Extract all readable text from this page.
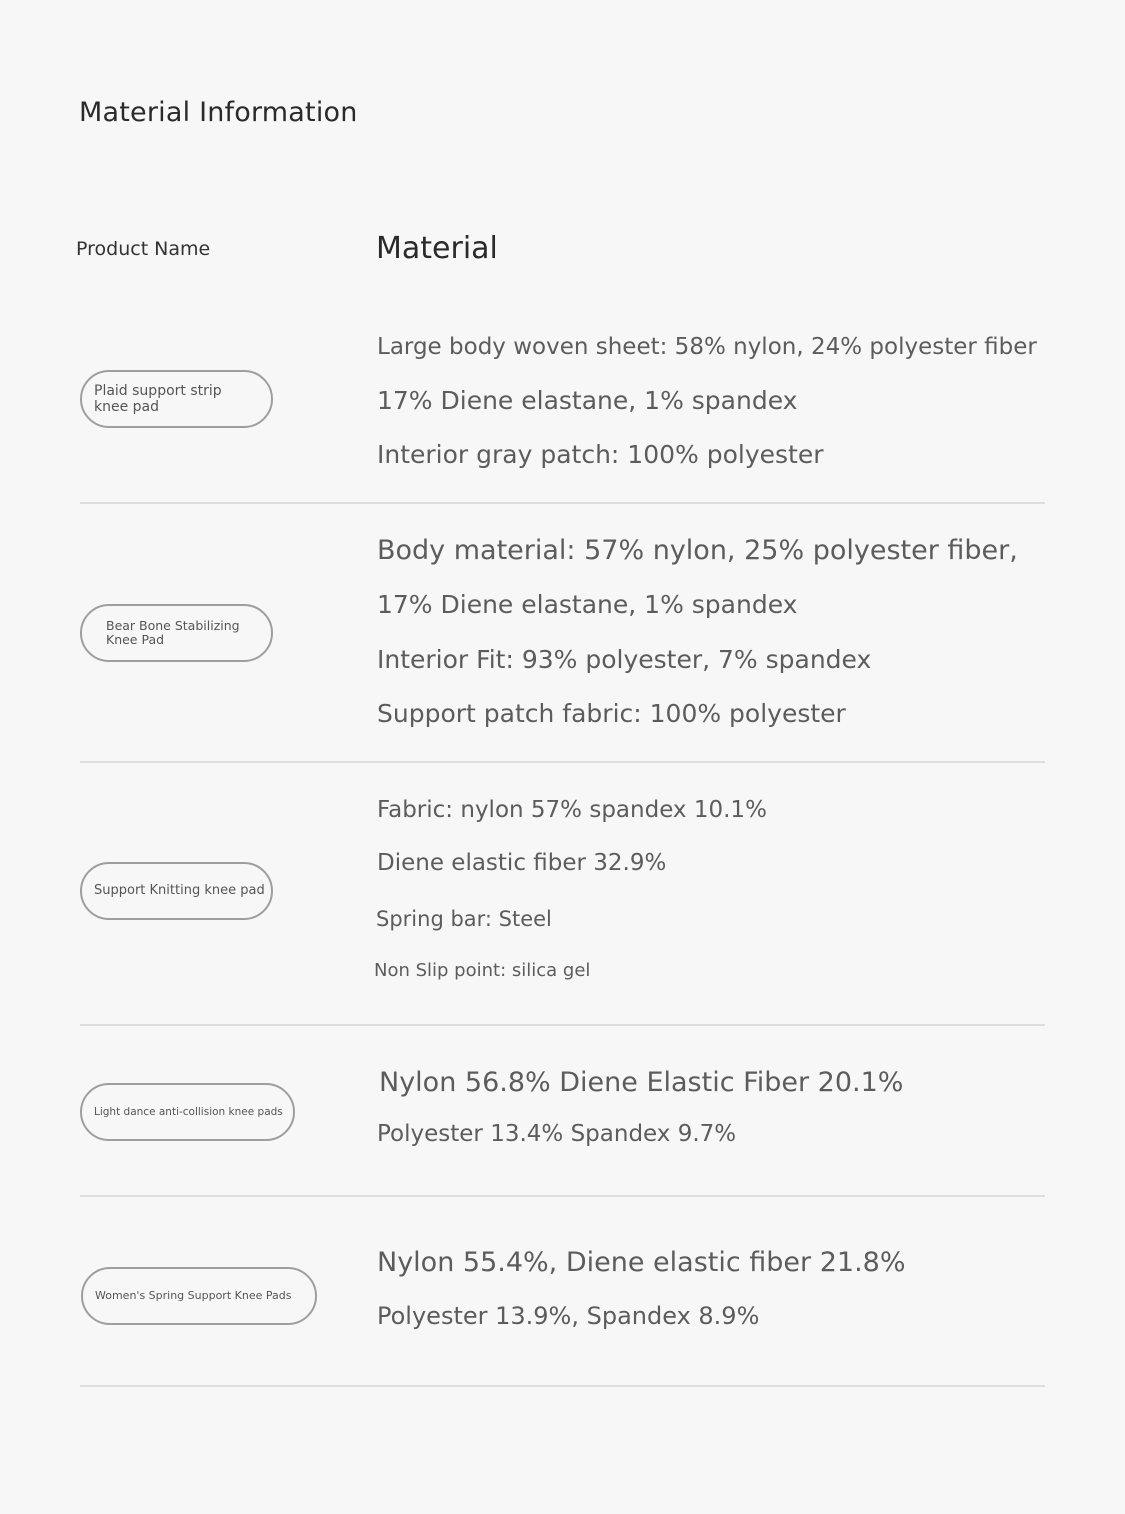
Material Information
Product Name	Material
Plaid support strip knee pad
Large body woven sheet: 58% nylon, 24% polyester fiber
17% Diene elastane, 1% spandex
Interior gray patch: 100% polyester
Bear Bone Stabilizing Knee Pad
Body material: 57% nylon, 25% polyester fiber,
17% Diene elastane, 1% spandex
Interior Fit: 93% polyester, 7% spandex
Support patch fabric: 100% polyester
Support Knitting knee pad
Fabric: nylon 57% spandex 10.1%
Diene elastic fiber 32.9%
Spring bar: Steel
Non Slip point: silica gel
Light dance anti-collision knee pads
Nylon 56.8% Diene Elastic Fiber 20.1%
Polyester 13.4% Spandex 9.7%
Women's Spring Support Knee Pads
Nylon 55.4%, Diene elastic fiber 21.8%
Polyester 13.9%, Spandex 8.9%
